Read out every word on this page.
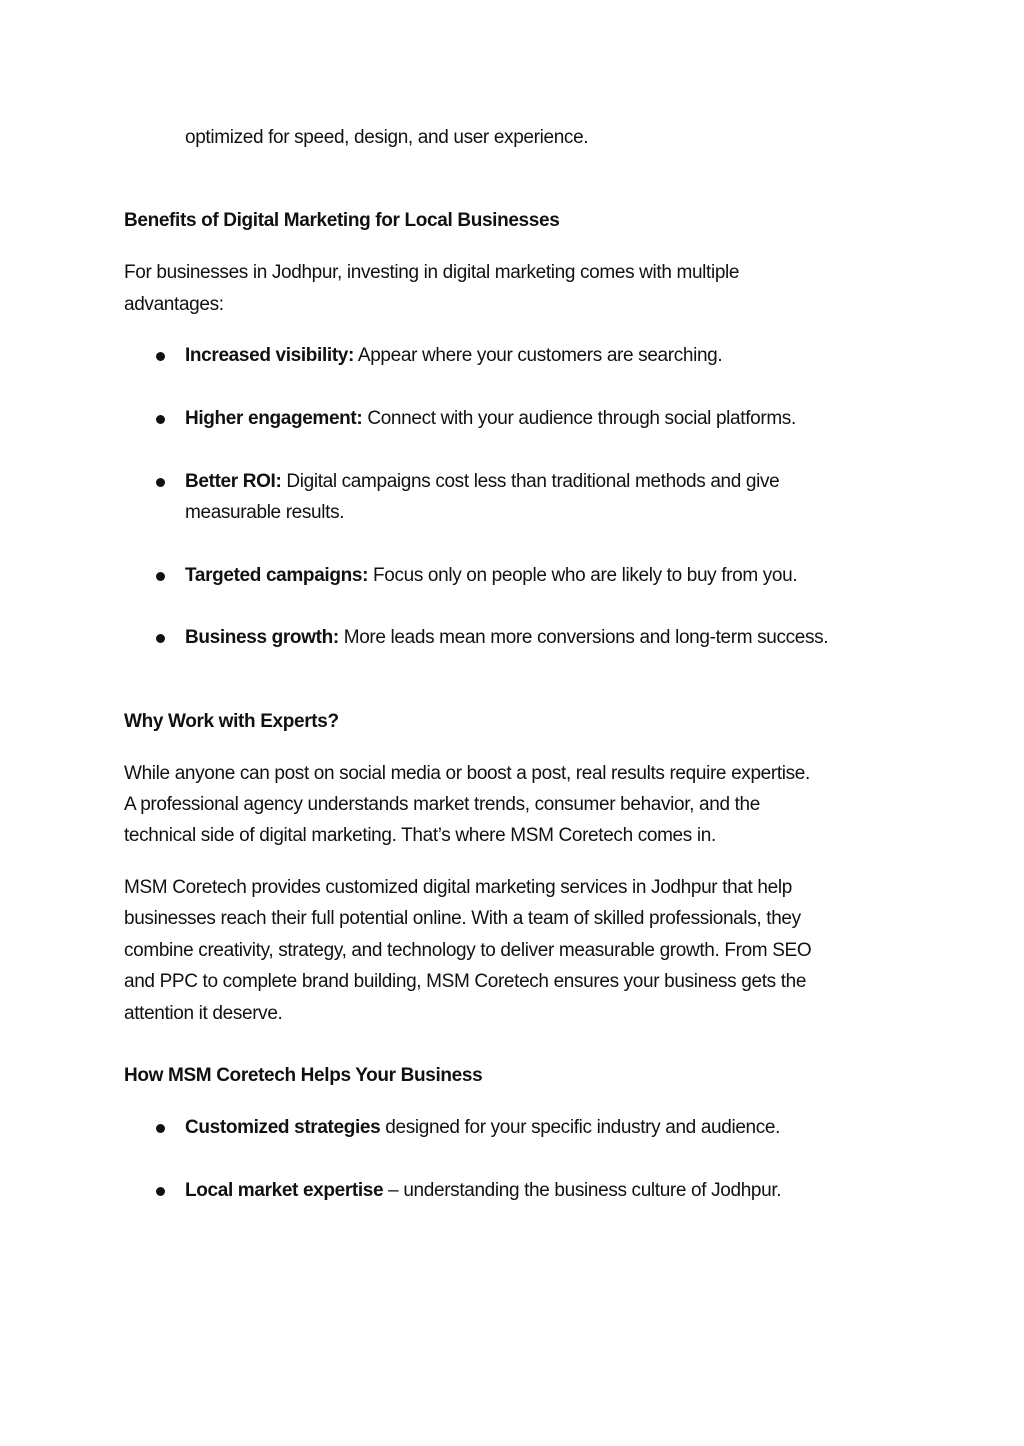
optimized for speed, design, and user experience.
Benefits of Digital Marketing for Local Businesses
For businesses in Jodhpur, investing in digital marketing comes with multiple
advantages:
Increased visibility: Appear where your customers are searching.
Higher engagement: Connect with your audience through social platforms.
Better ROI: Digital campaigns cost less than traditional methods and give
measurable results.
Targeted campaigns: Focus only on people who are likely to buy from you.
Business growth: More leads mean more conversions and long-term success.
Why Work with Experts?
While anyone can post on social media or boost a post, real results require expertise.
A professional agency understands market trends, consumer behavior, and the
technical side of digital marketing. That’s where MSM Coretech comes in.
MSM Coretech provides customized digital marketing services in Jodhpur that help
businesses reach their full potential online. With a team of skilled professionals, they
combine creativity, strategy, and technology to deliver measurable growth. From SEO
and PPC to complete brand building, MSM Coretech ensures your business gets the
attention it deserve.
How MSM Coretech Helps Your Business
Customized strategies designed for your specific industry and audience.
Local market expertise – understanding the business culture of Jodhpur.
